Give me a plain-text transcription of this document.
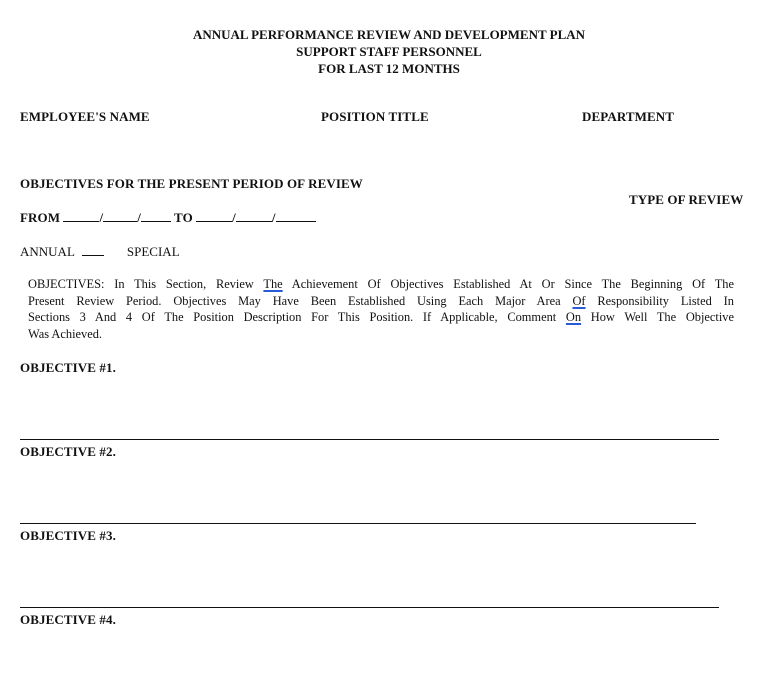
ANNUAL PERFORMANCE REVIEW AND DEVELOPMENT PLAN
SUPPORT STAFF PERSONNEL
FOR LAST 12 MONTHS
EMPLOYEE'S NAME	POSITION TITLE	DEPARTMENT
OBJECTIVES FOR THE PRESENT PERIOD OF REVIEW
TYPE OF REVIEW
FROM	/	/	TO	/	/
ANNUAL	SPECIAL
OBJECTIVES: In This Section, Review The Achievement Of Objectives Established At Or Since The Beginning Of The
Present Review Period. Objectives May Have Been Established Using Each Major Area Of Responsibility Listed In
Sections 3 And 4 Of The Position Description For This Position. If Applicable, Comment On How Well The Objective
Was Achieved.
OBJECTIVE #1.
OBJECTIVE #2.
OBJECTIVE #3.
OBJECTIVE #4.
